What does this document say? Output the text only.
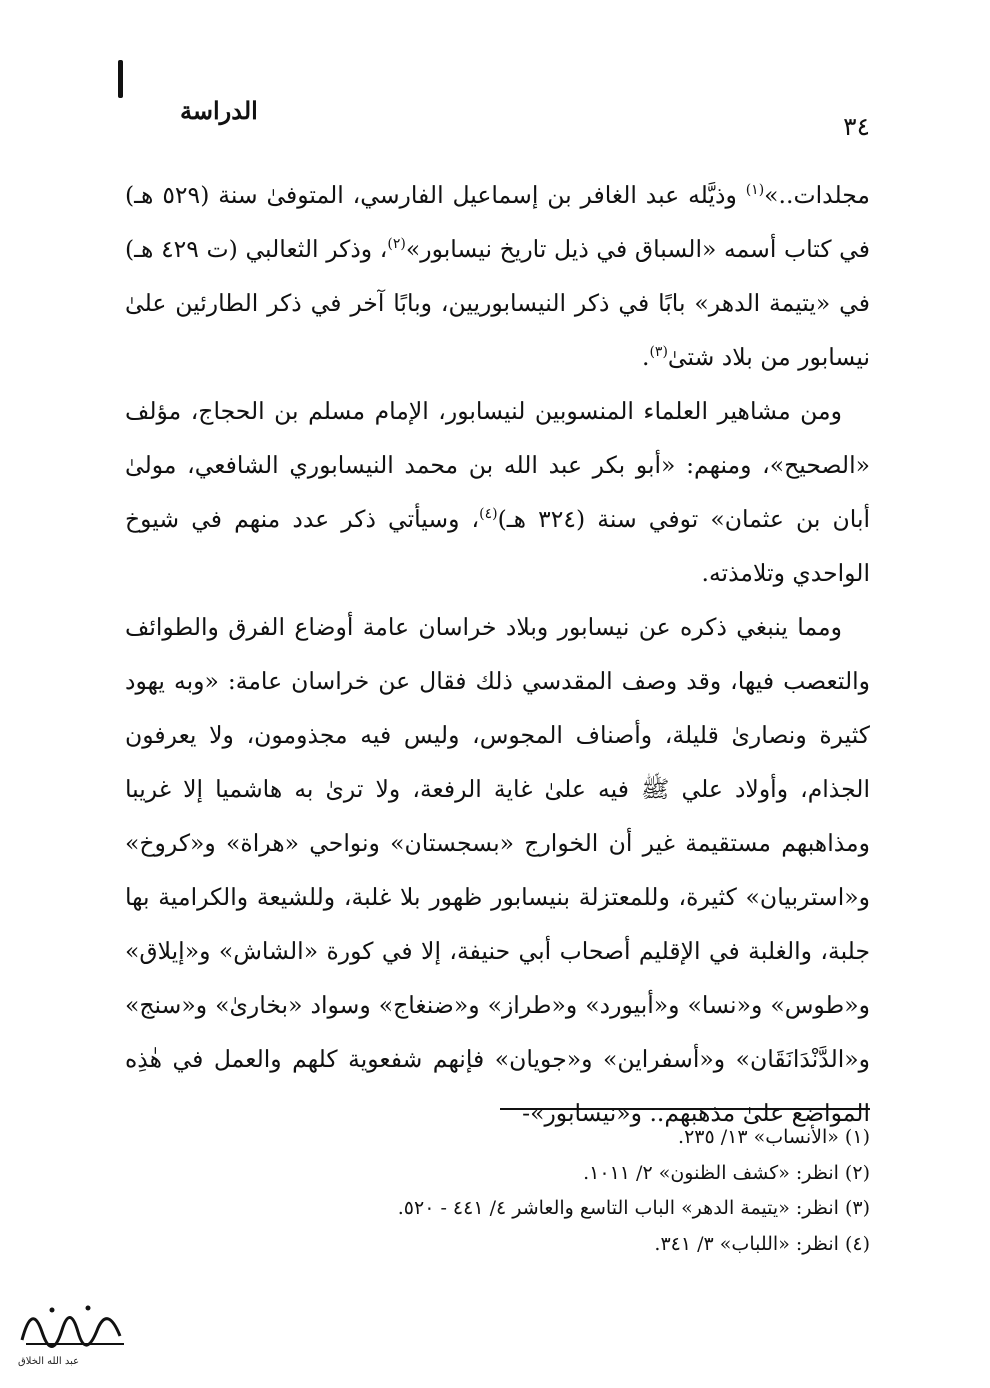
الدراسة
٣٤

مجلدات..»$^{(١)}$ وذيَّله عبد الغافر بن إسماعيل الفارسي، المتوفىٰ سنة (٥٢٩ هـ) في كتاب أسمه «السباق في ذيل تاريخ نيسابور»$^{(٢)}$، وذكر الثعالبي (ت ٤٢٩ هـ) في «يتيمة الدهر» بابًا في ذكر النيسابوريين، وبابًا آخر في ذكر الطارئين علىٰ نيسابور من بلاد شتىٰ$^{(٣)}$.

ومن مشاهير العلماء المنسوبين لنيسابور، الإمام مسلم بن الحجاج، مؤلف «الصحيح»، ومنهم: «أبو بكر عبد الله بن محمد النيسابوري الشافعي، مولىٰ أبان بن عثمان» توفي سنة (٣٢٤ هـ)$^{(٤)}$، وسيأتي ذكر عدد منهم في شيوخ الواحدي وتلامذته.

ومما ينبغي ذكره عن نيسابور وبلاد خراسان عامة أوضاع الفرق والطوائف والتعصب فيها، وقد وصف المقدسي ذلك فقال عن خراسان عامة: «وبه يهود كثيرة ونصارىٰ قليلة، وأصناف المجوس، وليس فيه مجذومون، ولا يعرفون الجذام، وأولاد علي ﷺ فيه علىٰ غاية الرفعة، ولا ترىٰ به هاشميا إلا غريبا ومذاهبهم مستقيمة غير أن الخوارج «بسجستان» ونواحي «هراة» و«كروخ» و«استربيان» كثيرة، وللمعتزلة بنيسابور ظهور بلا غلبة، وللشيعة والكرامية بها جلبة، والغلبة في الإقليم أصحاب أبي حنيفة، إلا في كورة «الشاش» و«إيلاق» و«طوس» و«نسا» و«أبيورد» و«طراز» و«ضنغاج» وسواد «بخارىٰ» و«سنج» و«الدَّنْدَانَقَان» و«أسفراين» و«جويان» فإنهم شفعوية كلهم والعمل في هٰذِه المواضع علىٰ مذهبهم.. و«نيسابور»-

(١) «الأنساب» ١٣/ ٢٣٥.

(٢) انظر: «كشف الظنون» ٢/ ١٠١١.

(٣) انظر: «يتيمة الدهر» الباب التاسع والعاشر ٤/ ٤٤١ - ٥٢٠.

(٤) انظر: «اللباب» ٣/ ٣٤١.

عبد الله الخلاق
